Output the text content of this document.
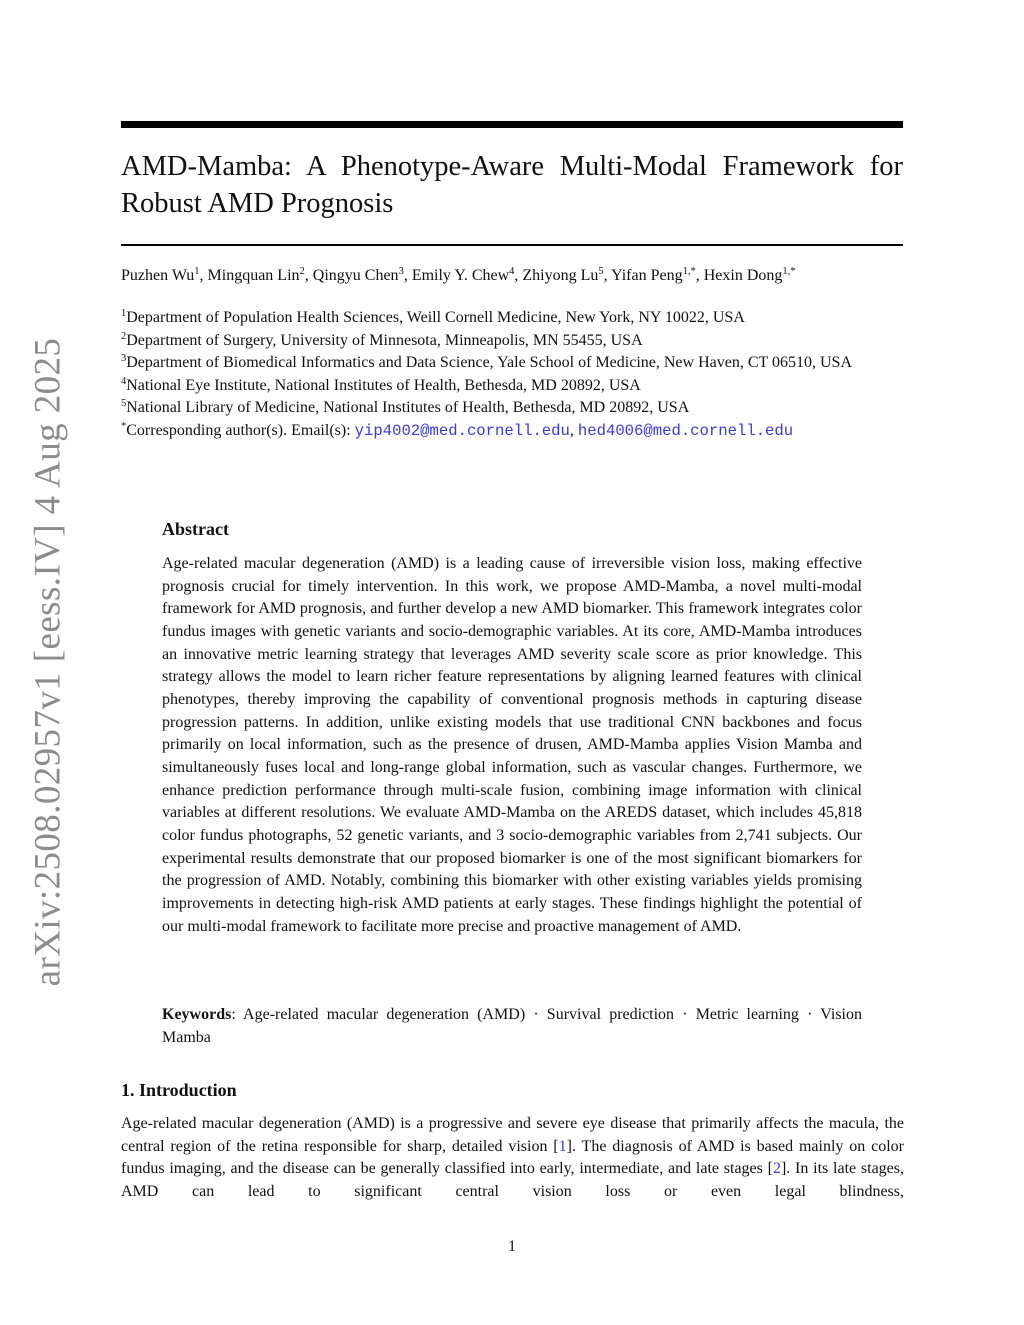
arXiv:2508.02957v1 [eess.IV] 4 Aug 2025
AMD-Mamba: A Phenotype-Aware Multi-Modal Framework for
Robust AMD Prognosis
Puzhen Wu$^1$, Mingquan Lin$^2$, Qingyu Chen$^3$, Emily Y. Chew$^4$, Zhiyong Lu$^5$, Yifan Peng$^{1,*}$, Hexin Dong$^{1,*}$
$^1$Department of Population Health Sciences, Weill Cornell Medicine, New York, NY 10022, USA
$^2$Department of Surgery, University of Minnesota, Minneapolis, MN 55455, USA
$^3$Department of Biomedical Informatics and Data Science, Yale School of Medicine, New Haven, CT 06510, USA
$^4$National Eye Institute, National Institutes of Health, Bethesda, MD 20892, USA
$^5$National Library of Medicine, National Institutes of Health, Bethesda, MD 20892, USA
*Corresponding author(s). Email(s): yip4002@med.cornell.edu, hed4006@med.cornell.edu
Abstract
Age-related macular degeneration (AMD) is a leading cause of irreversible vision loss, making effective prognosis crucial for timely intervention. In this work, we propose AMD-Mamba, a novel multi-modal framework for AMD prognosis, and further develop a new AMD biomarker. This framework integrates color fundus images with genetic variants and socio-demographic variables. At its core, AMD-Mamba introduces an innovative metric learning strategy that leverages AMD severity scale score as prior knowledge. This strategy allows the model to learn richer feature representations by aligning learned features with clinical phenotypes, thereby improving the capability of conventional prognosis methods in capturing disease progression patterns. In addition, unlike existing models that use traditional CNN backbones and focus primarily on local information, such as the presence of drusen, AMD-Mamba applies Vision Mamba and simultaneously fuses local and long-range global information, such as vascular changes. Furthermore, we enhance prediction performance through multi-scale fusion, combining image information with clinical variables at different resolutions. We evaluate AMD-Mamba on the AREDS dataset, which includes 45,818 color fundus photographs, 52 genetic variants, and 3 socio-demographic variables from 2,741 subjects. Our experimental results demonstrate that our proposed biomarker is one of the most significant biomarkers for the progression of AMD. Notably, combining this biomarker with other existing variables yields promising improvements in detecting high-risk AMD patients at early stages. These findings highlight the potential of our multi-modal framework to facilitate more precise and proactive management of AMD.
Keywords: Age-related macular degeneration (AMD) · Survival prediction · Metric learning · Vision Mamba
1. Introduction
Age-related macular degeneration (AMD) is a progressive and severe eye disease that primarily affects the macula, the central region of the retina responsible for sharp, detailed vision [1]. The diagnosis of AMD is based mainly on color fundus imaging, and the disease can be generally classified into early, intermediate, and late stages [2]. In its late stages, AMD can lead to significant central vision loss or even legal blindness,
1
